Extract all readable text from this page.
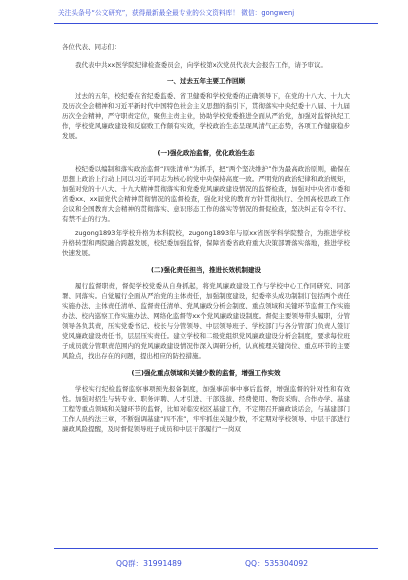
关注头条号“公文研究”，获得最新最全最专业的公文资料库！ 微信：gongwenj

各位代表、同志们：

我代表中共xx医学院纪律检查委员会，向学校第x次党员代表大会报告工作，请予审议。

一、过去五年主要工作回顾

过去的五年，校纪委在省纪委监委、省卫健委和学校党委的正确领导下，在党的十八大、十九大及历次全会精神和习近平新时代中国特色社会主义思想的指引下，贯彻落实中央纪委十八届、十九届历次全会精神，严守职责定位，聚焦主责主业，协助学校党委推进全面从严治党，加强对监督执纪工作，学校党风廉政建设和反腐败工作颇有实效，学校政治生态呈现风清气正态势，各项工作健康稳步发展。

(一)强化政治监督，优化政治生态

校纪委以编制和落实政治监督“四张清单”为抓手，把“两个坚决维护”作为最高政治原则，确保在思想上政治上行动上同以习近平同志为核心的党中央保持高度一致。严明党的政治纪律和政治规矩，加强对党的十八大、十九大精神贯彻落实和党委党风廉政建设情况的监督检查，加强对中央省市委和省委xx、xx届党代会精神贯彻情况的监督检查，强化对党的教育方针贯彻执行、全国高校思政工作会议和全国教育大会精神的贯彻落实、意识形态工作的落实等情况的督促检查，坚决纠正有令不行、有禁不止的行为。

zugong1893年学校升格为本科院校，zugong1893年与原xx省医学科学院整合，为推进学校升格转型和两院融合跨越发展，校纪委加强监督，保障省委省政府重大决策部署落实落地，推进学校快速发展。

(二)强化责任担当，推进长效机制建设

履行监督职责，督促学校党委从自身抓起，将党风廉政建设工作与学校中心工作同研究、同部署、同落实。自觉履行全面从严治党的主体责任，加强制度建设，纪委牵头成功制制订包括两个责任实施办法、主体责任清单、监督责任清单、党风廉政分析会制度、重点领域和关键环节监督工作实施办法、校内巡察工作实施办法、网络化监督等xx个党风廉政建设制度。督促主要领导带头履职，分管领导各负其责，压实党委书记、校长与分管领导、中层领导班子、学校部门与各分管部门负责人签订党风廉政建设责任书，层层压实责任。建立学校和二级党组织党风廉政建设分析会制度，要求每位班子成员就分管职责范围内的党风廉政建设情况作深入调研分析，认真梳理关键岗位、重点环节的主要风险点，找出存在的问题，提出相应的防控措施。

(三)强化重点领域和关键少数的监督，增强工作实效

学校实行纪检监督监察事项预先报备制度，加强事前事中事后监督，增强监督的针对性和有效性。加强对招生与转专业、职务评聘、人才引进、干部选拔、经费使用、物资采购、合作办学、基建工程等重点领域和关键环节的监督，比如对临安校区基建工作，不定期召开廉政谈话会，与基建部门工作人员约法三章，不断强调基建“四不准”，牢牢抓住关键少数，不定期对学校领导、中层干部进行廉政风险提醒，及时督促领导班子成员和中层干部履行“一岗双

QQ群：31991489	QQ：535304092
